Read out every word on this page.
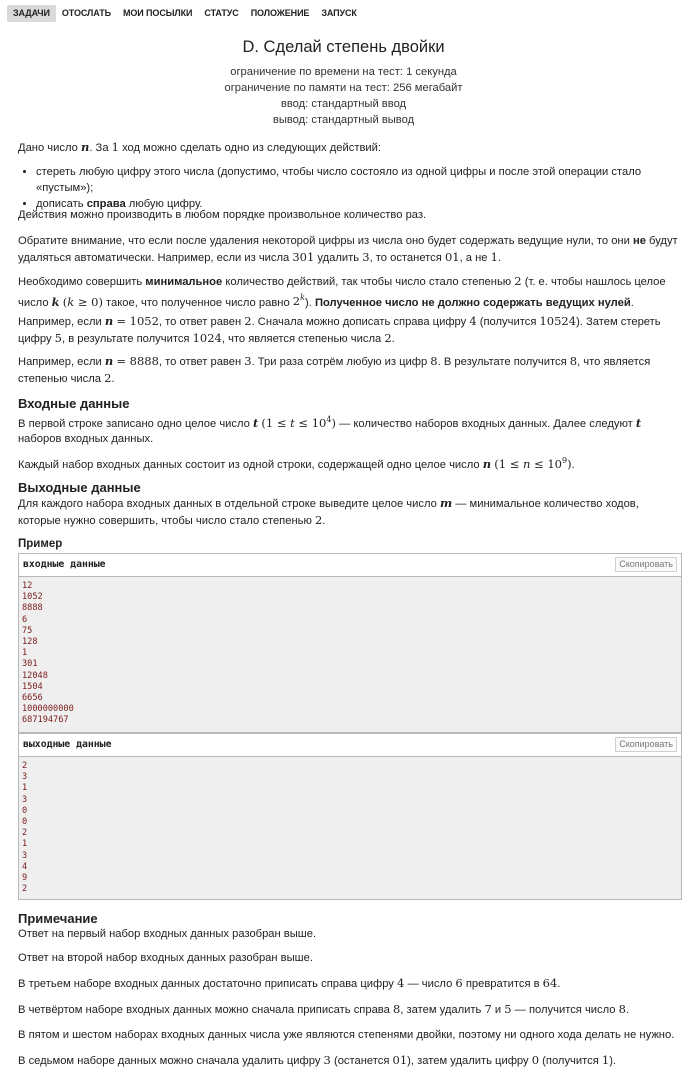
ЗАДАЧИ	ОТОСЛАТЬ	МОИ ПОСЫЛКИ	СТАТУС	ПОЛОЖЕНИЕ	ЗАПУСК
D. Сделай степень двойки
ограничение по времени на тест: 1 секунда
ограничение по памяти на тест: 256 мегабайт
ввод: стандартный ввод
вывод: стандартный вывод
Дано число n. За 1 ход можно сделать одно из следующих действий:
• стереть любую цифру этого числа (допустимо, чтобы число состояло из одной цифры и после этой операции стало «пустым»);
• дописать справа любую цифру.
Действия можно производить в любом порядке произвольное количество раз.
Обратите внимание, что если после удаления некоторой цифры из числа оно будет содержать ведущие нули, то они не будут удаляться автоматически. Например, если из числа 301 удалить 3, то останется 01, а не 1.
Необходимо совершить минимальное количество действий, так чтобы число стало степенью 2 (т. е. чтобы нашлось целое число k (k ≥ 0) такое, что полученное число равно 2$^k$). Полученное число не должно содержать ведущих нулей.
Например, если n = 1052, то ответ равен 2. Сначала можно дописать справа цифру 4 (получится 10524). Затем стереть цифру 5, в результате получится 1024, что является степенью числа 2.
Например, если n = 8888, то ответ равен 3. Три раза сотрём любую из цифр 8. В результате получится 8, что является степенью числа 2.
Входные данные
В первой строке записано одно целое число t $(1 \le t \le 10^4)$ — количество наборов входных данных. Далее следуют t наборов входных данных.
Каждый набор входных данных состоит из одной строки, содержащей одно целое число n $(1 \le n \le 10^9)$.
Выходные данные
Для каждого набора входных данных в отдельной строке выведите целое число m — минимальное количество ходов, которые нужно совершить, чтобы число стало степенью 2.
Пример
входные данные	Скопировать
12
1052
8888
6
75
128
1
301
12048
1504
6656
1000000000
687194767
выходные данные	Скопировать
2
3
1
3
0
0
2
1
3
4
9
2
Примечание
Ответ на первый набор входных данных разобран выше.
Ответ на второй набор входных данных разобран выше.
В третьем наборе входных данных достаточно приписать справа цифру 4 — число 6 превратится в 64.
В четвёртом наборе входных данных можно сначала приписать справа 8, затем удалить 7 и 5 — получится число 8.
В пятом и шестом наборах входных данных числа уже являются степенями двойки, поэтому ни одного хода делать не нужно.
В седьмом наборе данных можно сначала удалить цифру 3 (останется 01), затем удалить цифру 0 (получится 1).
